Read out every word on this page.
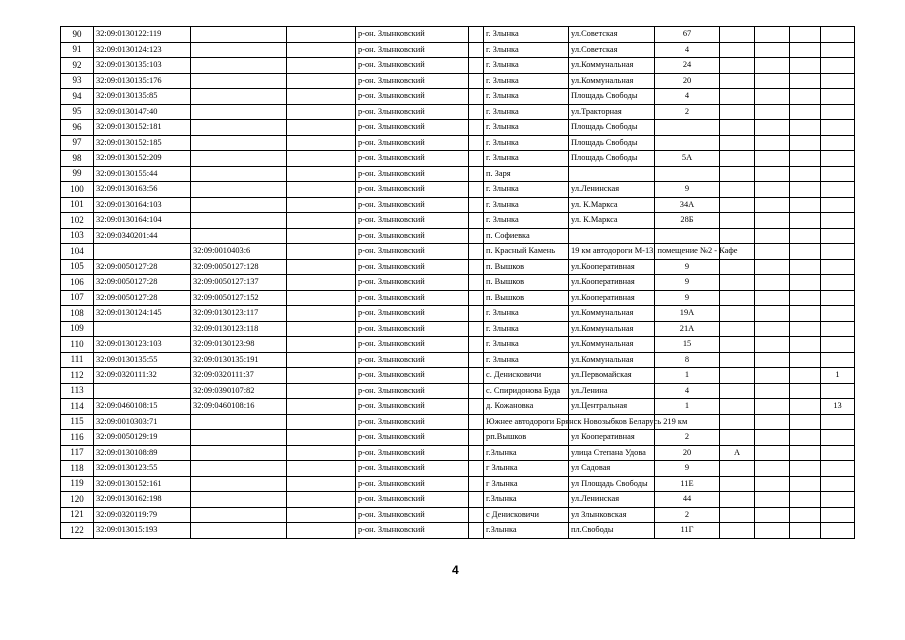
90	32:09:0130122:119			р-он. Злынковский		г. Злынка	ул.Советская	67				
91	32:09:0130124:123			р-он. Злынковский		г. Злынка	ул.Советская	4				
92	32:09:0130135:103			р-он. Злынковский		г. Злынка	ул.Коммунальная	24				
93	32:09:0130135:176			р-он. Злынковский		г. Злынка	ул.Коммунальная	20				
94	32:09:0130135:85			р-он. Злынковский		г. Злынка	Площадь Свободы	4				
95	32:09:0130147:40			р-он. Злынковский		г. Злынка	ул.Тракторная	2				
96	32:09:0130152:181			р-он. Злынковский		г. Злынка	Площадь Свободы					
97	32:09:0130152:185			р-он. Злынковский		г. Злынка	Площадь Свободы					
98	32:09:0130152:209			р-он. Злынковский		г. Злынка	Площадь Свободы	5А				
99	32:09:0130155:44			р-он. Злынковский		п. Заря						
100	32:09:0130163:56			р-он. Злынковский		г. Злынка	ул.Ленинская	9				
101	32:09:0130164:103			р-он. Злынковский		г. Злынка	ул. К.Маркса	34А				
102	32:09:0130164:104			р-он. Злынковский		г. Злынка	ул. К.Маркса	28Б				
103	32:09:0340201:44			р-он. Злынковский		п. Софиевка						
104		32:09:0010403:6		р-он. Злынковский		п. Красный Камень	19 км автодороги М-13, помещение №2 - Кафе					
105	32:09:0050127:28	32:09:0050127:128		р-он. Злынковский		п. Вышков	ул.Кооперативная	9				
106	32:09:0050127:28	32:09:0050127:137		р-он. Злынковский		п. Вышков	ул.Кооперативная	9				
107	32:09:0050127:28	32:09:0050127:152		р-он. Злынковский		п. Вышков	ул.Кооперативная	9				
108	32:09:0130124:145	32:09:0130123:117		р-он. Злынковский		г. Злынка	ул.Коммунальная	19А				
109		32:09:0130123:118		р-он. Злынковский		г. Злынка	ул.Коммунальная	21А				
110	32:09:0130123:103	32:09:0130123:98		р-он. Злынковский		г. Злынка	ул.Коммунальная	15				
111	32:09:0130135:55	32:09:0130135:191		р-он. Злынковский		г. Злынка	ул.Коммунальная	8				
112	32:09:0320111:32	32:09:0320111:37		р-он. Злынковский		с. Денисковичи	ул.Первомайская	1				1
113		32:09:0390107:82		р-он. Злынковский		с. Спиридонова Буда	ул.Ленина	4				
114	32:09:0460108:15	32:09:0460108:16		р-он. Злынковский		д. Кожановка	ул.Центральная	1				13
115	32:09:0010303:71			р-он. Злынковский		Южнее автодороги Брянск Новозыбков Беларусь 219 км						
116	32:09:0050129:19			р-он. Злынковский		рп.Вышков	ул Кооперативная	2				
117	32:09:0130108:89			р-он. Злынковский		г.Злынка	улица Степана Удова	20	А			
118	32:09:0130123:55			р-он. Злынковский		г Злынка	ул Садовая	9				
119	32:09:0130152:161			р-он. Злынковский		г Злынка	ул Площадь Свободы	11Е				
120	32:09:0130162:198			р-он. Злынковский		г.Злынка	ул.Ленинская	44				
121	32:09:0320119:79			р-он. Злынковский		с Денисковичи	ул Злынковская	2				
122	32:09:013015:193			р-он. Злынковский		г.Злынка	пл.Свободы	11Г				
4
